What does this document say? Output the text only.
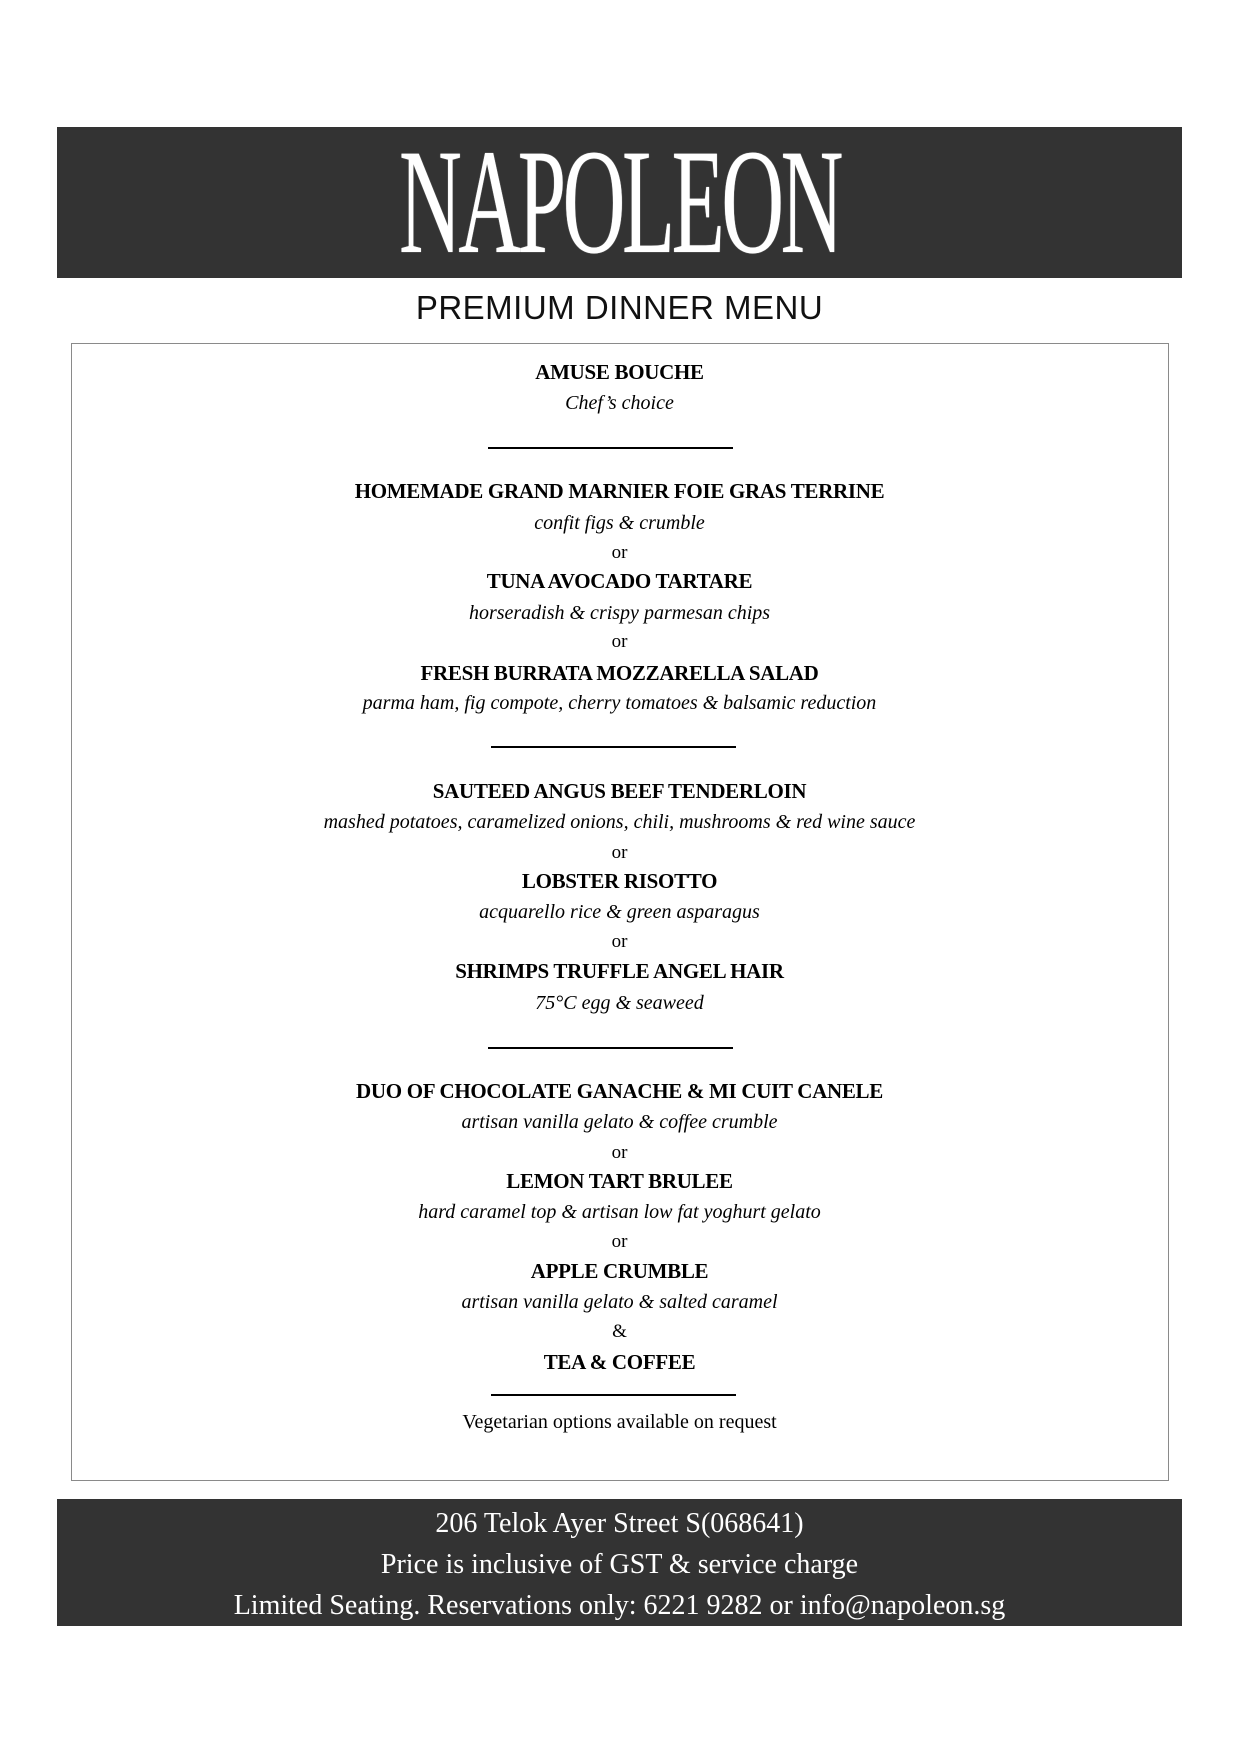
NAPOLEON
PREMIUM DINNER MENU
AMUSE BOUCHE
Chef’s choice
HOMEMADE GRAND MARNIER FOIE GRAS TERRINE
confit figs & crumble
or
TUNA AVOCADO TARTARE
horseradish & crispy parmesan chips
or
FRESH BURRATA MOZZARELLA SALAD
parma ham, fig compote, cherry tomatoes & balsamic reduction
SAUTEED ANGUS BEEF TENDERLOIN
mashed potatoes, caramelized onions, chili, mushrooms & red wine sauce
or
LOBSTER RISOTTO
acquarello rice & green asparagus
or
SHRIMPS TRUFFLE ANGEL HAIR
75°C egg & seaweed
DUO OF CHOCOLATE GANACHE & MI CUIT CANELE
artisan vanilla gelato & coffee crumble
or
LEMON TART BRULEE
hard caramel top & artisan low fat yoghurt gelato
or
APPLE CRUMBLE
artisan vanilla gelato & salted caramel
&
TEA & COFFEE
Vegetarian options available on request
206 Telok Ayer Street S(068641)
Price is inclusive of GST & service charge
Limited Seating. Reservations only: 6221 9282 or info@napoleon.sg
